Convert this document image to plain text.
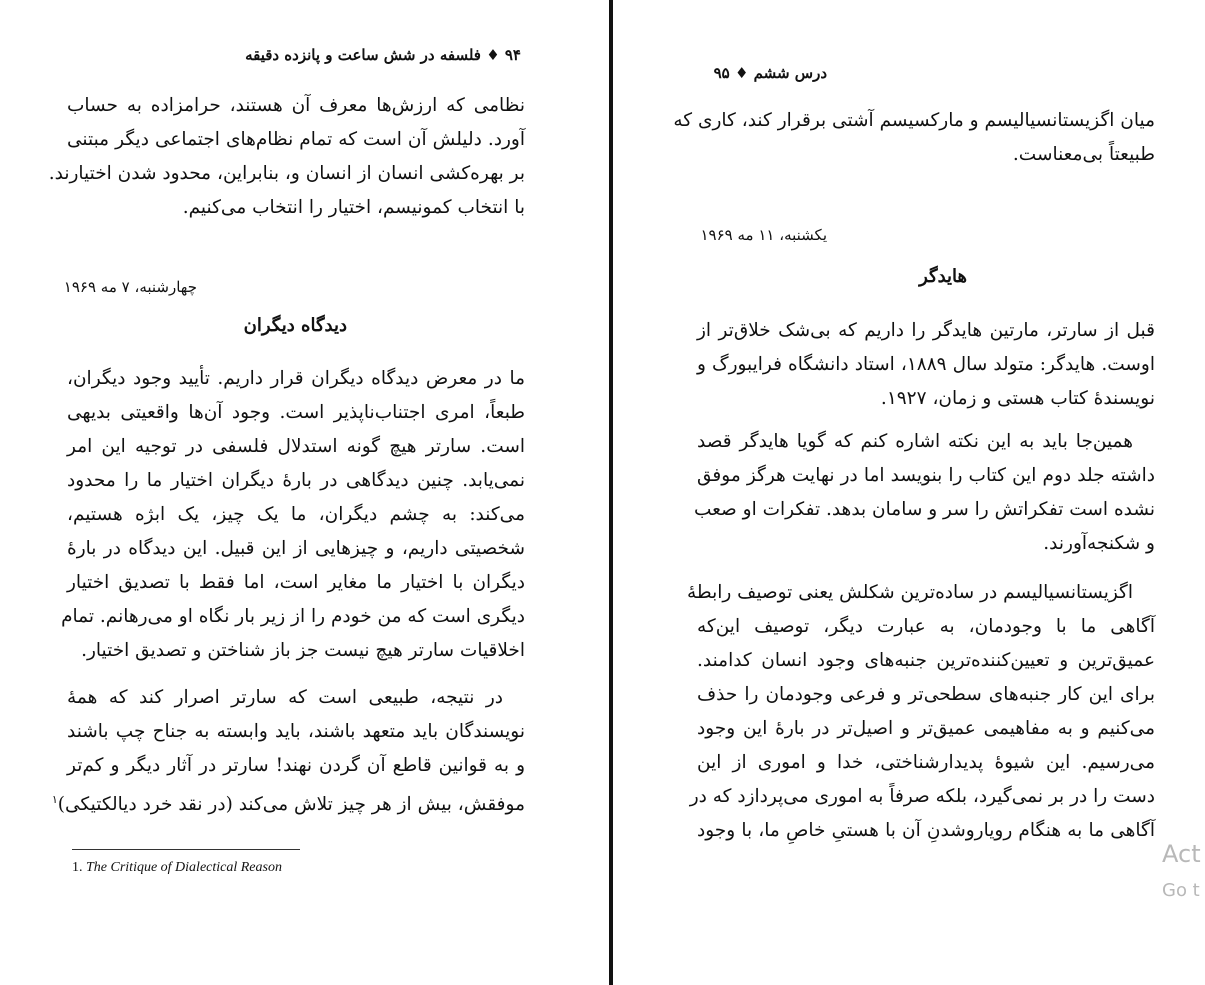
۹۴ ♦ فلسفه در شش ساعت و پانزده دقیقه
نظامی که ارزش‌ها معرف آن هستند، حرامزاده به حساب
آورد. دلیلش آن است که تمام نظام‌های اجتماعی دیگر مبتنی
بر بهره‌کشی انسان از انسان و، بنابراین، محدود شدن اختیارند.
با انتخاب کمونیسم، اختیار را انتخاب می‌کنیم.
چهارشنبه، ۷ مه ۱۹۶۹
دیدگاه دیگران
ما در معرض دیدگاه دیگران قرار داریم. تأیید وجود دیگران،
طبعاً، امری اجتناب‌ناپذیر است. وجود آن‌ها واقعیتی بدیهی
است. سارتر هیچ گونه استدلال فلسفی در توجیه این امر
نمی‌یابد. چنین دیدگاهی در بارهٔ دیگران اختیار ما را محدود
می‌کند: به چشم دیگران، ما یک چیز، یک ابژه هستیم،
شخصیتی داریم، و چیزهایی از این قبیل. این دیدگاه در بارهٔ
دیگران با اختیار ما مغایر است، اما فقط با تصدیق اختیار
دیگری است که من خودم را از زیر بار نگاه او می‌رهانم. تمام
اخلاقیات سارتر هیچ نیست جز باز شناختن و تصدیق اختیار.
در نتیجه، طبیعی است که سارتر اصرار کند که همهٔ
نویسندگان باید متعهد باشند، باید وابسته به جناح چپ باشند
و به قوانین قاطع آن گردن نهند! سارتر در آثار دیگر و کم‌تر
موفقش، بیش از هر چیز تلاش می‌کند (در نقد خرد دیالکتیکی)$^۱$
1. The Critique of Dialectical Reason
درس ششم ♦ ۹۵
میان اگزیستانسیالیسم و مارکسیسم آشتی برقرار کند، کاری که
طبیعتاً بی‌معناست.
یکشنبه، ۱۱ مه ۱۹۶۹
هایدگر
قبل از سارتر، مارتین هایدگر را داریم که بی‌شک خلاق‌تر از
اوست. هایدگر: متولد سال ۱۸۸۹، استاد دانشگاه فرایبورگ و
نویسندهٔ کتاب هستی و زمان، ۱۹۲۷.
همین‌جا باید به این نکته اشاره کنم که گویا هایدگر قصد
داشته جلد دوم این کتاب را بنویسد اما در نهایت هرگز موفق
نشده است تفکراتش را سر و سامان بدهد. تفکرات او صعب
و شکنجه‌آورند.
اگزیستانسیالیسم در ساده‌ترین شکلش یعنی توصیف رابطهٔ
آگاهی ما با وجودمان، به عبارت دیگر، توصیف این‌که
عمیق‌ترین و تعیین‌کننده‌ترین جنبه‌های وجود انسان کدامند.
برای این کار جنبه‌های سطحی‌تر و فرعی وجودمان را حذف
می‌کنیم و به مفاهیمی عمیق‌تر و اصیل‌تر در بارهٔ این وجود
می‌رسیم. این شیوهٔ پدیدارشناختی، خدا و اموری از این
دست را در بر نمی‌گیرد، بلکه صرفاً به اموری می‌پردازد که در
آگاهی ما به هنگام رویاروشدنِ آن با هستیِ خاصِ ما، با وجود
Act
Go t
